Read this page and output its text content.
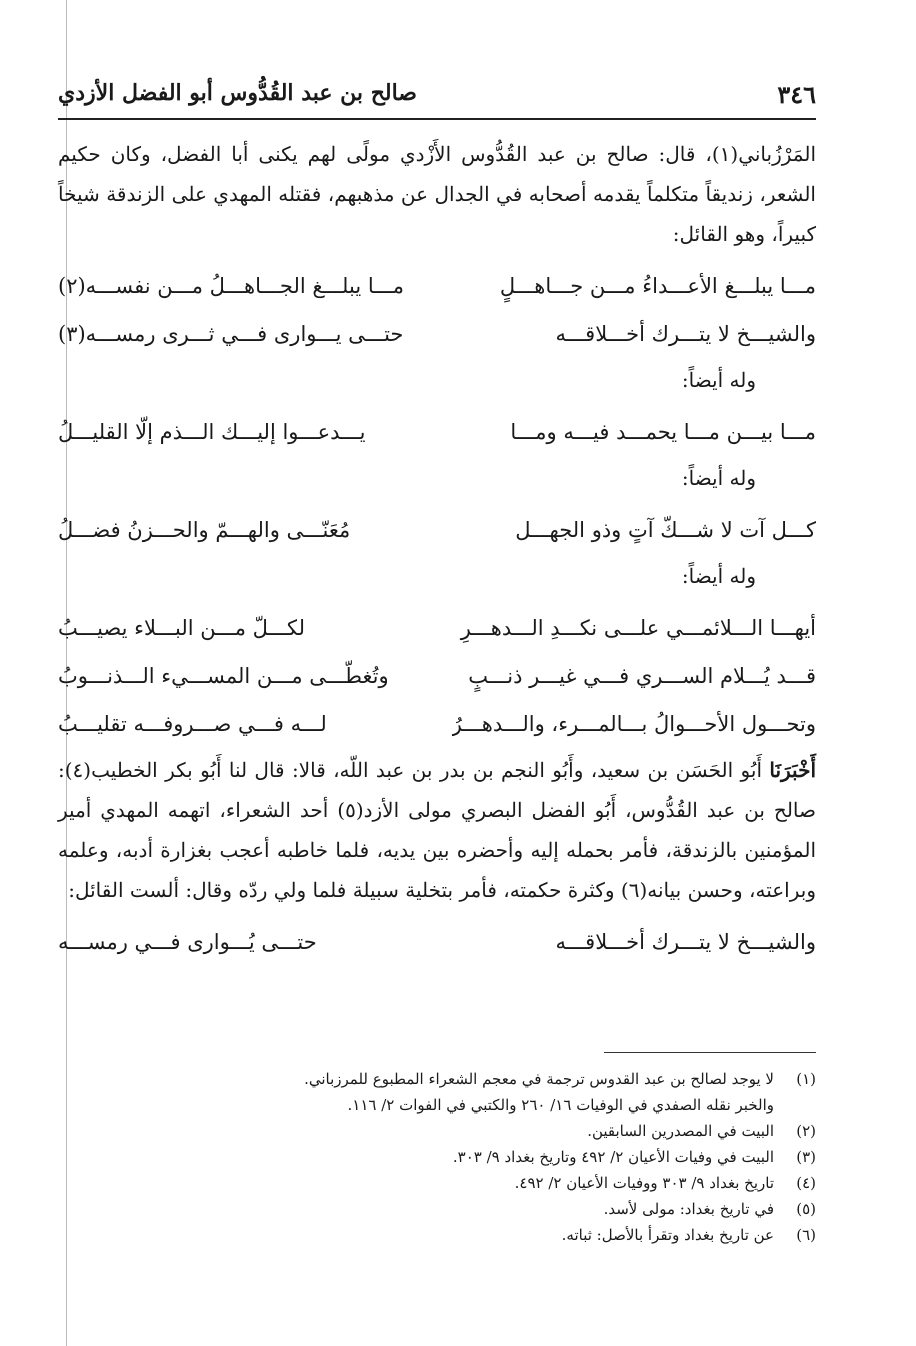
٣٤٦
صالح بن عبد القُدُّوس أبو الفضل الأزدي

المَرْزُباني(١)، قال: صالح بن عبد القُدُّوس الأَزْدي مولًى لهم يكنى أبا الفضل، وكان حكيم الشعر، زنديقاً متكلماً يقدمه أصحابه في الجدال عن مذهبهم، فقتله المهدي على الزندقة شيخاً كبيراً، وهو القائل:

مـــا يبلـــغ الأعـــداءُ مـــن جـــاهـــلٍ
مـــا يبلـــغ الجـــاهـــلُ مـــن نفســـه(٢)
والشيـــخ لا يتـــرك أخـــلاقـــه
حتـــى يـــوارى فـــي ثـــرى رمســـه(٣)
وله أيضاً:
مـــا بيـــن مـــا يحمـــد فيـــه ومـــا
يـــدعـــوا إليـــك الـــذم إلّا القليـــلُ
وله أيضاً:
كـــل آت لا شـــكّ آتٍ وذو الجهـــل
مُعَنّـــى والهـــمّ والحـــزنُ فضـــلُ
وله أيضاً:
أيهـــا الـــلائمـــي علـــى نكـــدِ الـــدهـــرِ
لكـــلّ مـــن البـــلاء يصيـــبُ
قـــد يُـــلام الســـري فـــي غيـــر ذنـــبٍ
وتُغطّـــى مـــن المســـيء الـــذنـــوبُ
وتحـــول الأحـــوالُ بـــالمـــرء، والـــدهـــرُ
لـــه فـــي صـــروفـــه تقليـــبُ

أَخْبَرَنَا أَبُو الحَسَن بن سعيد، وأَبُو النجم بن بدر بن عبد اللّه، قالا: قال لنا أَبُو بكر الخطيب(٤): صالح بن عبد القُدُّوس، أَبُو الفضل البصري مولى الأزد(٥) أحد الشعراء، اتهمه المهدي أمير المؤمنين بالزندقة، فأمر بحمله إليه وأحضره بين يديه، فلما خاطبه أعجب بغزارة أدبه، وعلمه وبراعته، وحسن بيانه(٦) وكثرة حكمته، فأمر بتخلية سبيلة فلما ولي ردّه وقال: ألست القائل:

والشيـــخ لا يتـــرك أخـــلاقـــه
حتـــى يُـــوارى فـــي رمســـه
(١)
لا يوجد لصالح بن عبد القدوس ترجمة في معجم الشعراء المطبوع للمرزباني.
والخبر نقله الصفدي في الوفيات ١٦/ ٢٦٠ والكتبي في الفوات ٢/ ١١٦.
(٢)
البيت في المصدرين السابقين.
(٣)
البيت في وفيات الأعيان ٢/ ٤٩٢ وتاريخ بغداد ٩/ ٣٠٣.
(٤)
تاريخ بغداد ٩/ ٣٠٣ ووفيات الأعيان ٢/ ٤٩٢.
(٥)
في تاريخ بغداد: مولى لأسد.
(٦)
عن تاريخ بغداد وتقرأ بالأصل: ثباته.
